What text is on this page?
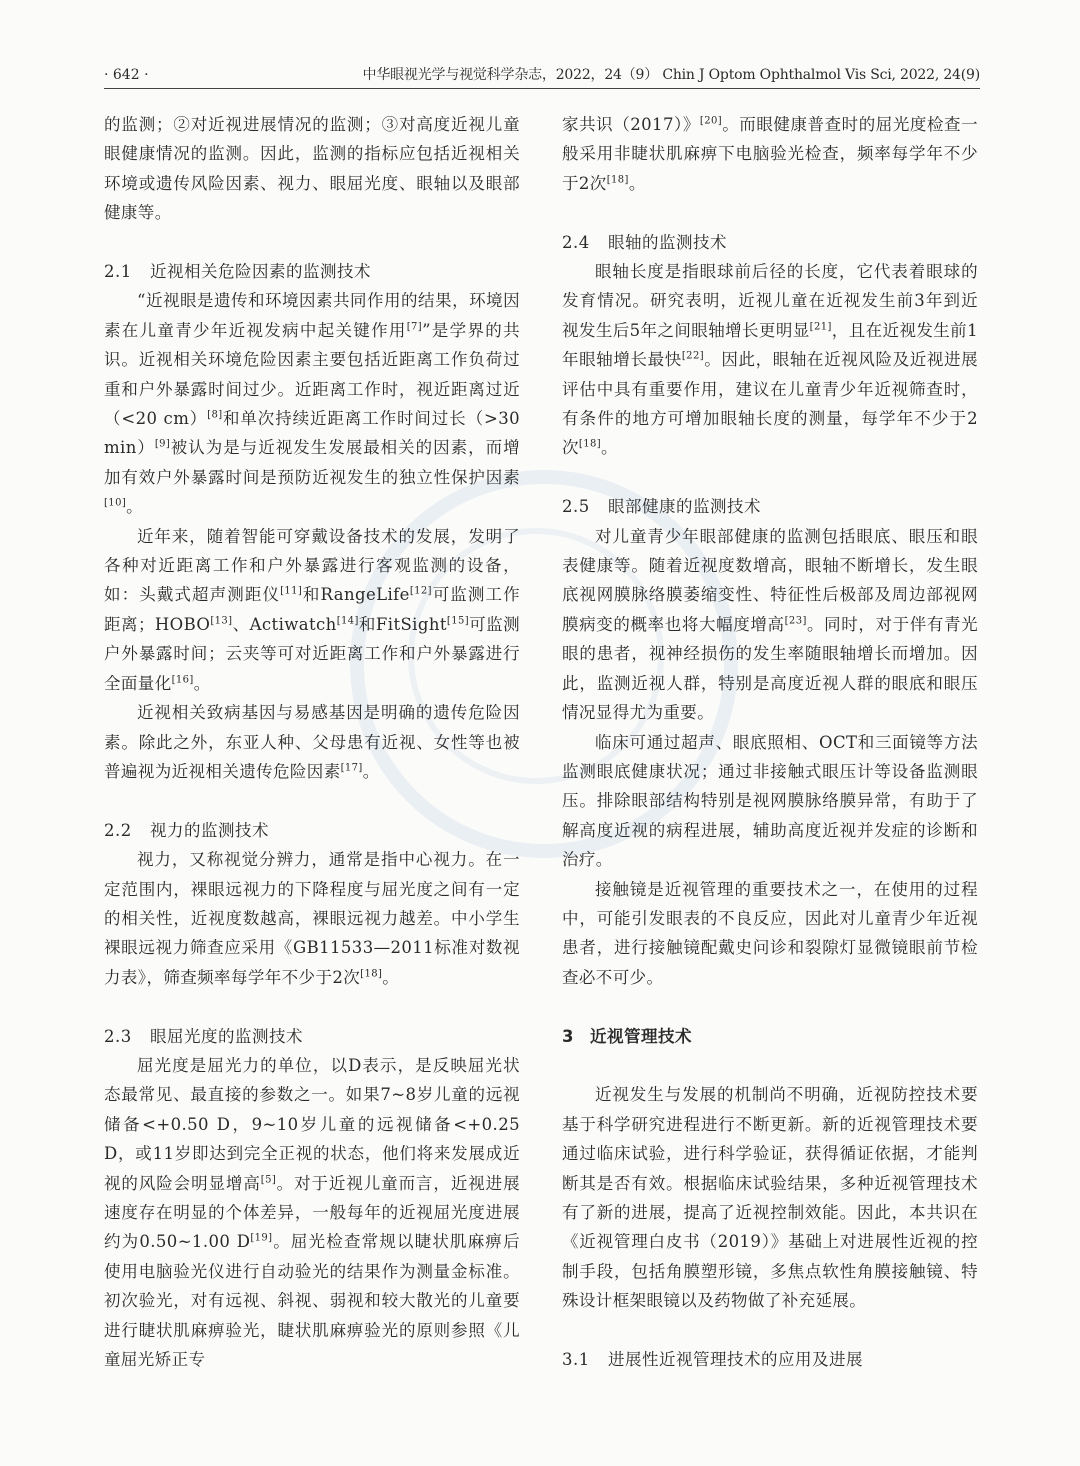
· 642 ·	中华眼视光学与视觉科学杂志，2022，24（9） Chin J Optom Ophthalmol Vis Sci, 2022, 24(9)

的监测；②对近视进展情况的监测；③对高度近视儿童眼健康情况的监测。因此，监测的指标应包括近视相关环境或遗传风险因素、视力、眼屈光度、眼轴以及眼部健康等。

2.1 近视相关危险因素的监测技术

“近视眼是遗传和环境因素共同作用的结果，环境因素在儿童青少年近视发病中起关键作用[7]”是学界的共识。近视相关环境危险因素主要包括近距离工作负荷过重和户外暴露时间过少。近距离工作时，视近距离过近（<20 cm）[8]和单次持续近距离工作时间过长（>30 min）[9]被认为是与近视发生发展最相关的因素，而增加有效户外暴露时间是预防近视发生的独立性保护因素[10]。

近年来，随着智能可穿戴设备技术的发展，发明了各种对近距离工作和户外暴露进行客观监测的设备，如：头戴式超声测距仪[11]和RangeLife[12]可监测工作距离；HOBO[13]、Actiwatch[14]和FitSight[15]可监测户外暴露时间；云夹等可对近距离工作和户外暴露进行全面量化[16]。

近视相关致病基因与易感基因是明确的遗传危险因素。除此之外，东亚人种、父母患有近视、女性等也被普遍视为近视相关遗传危险因素[17]。

2.2 视力的监测技术

视力，又称视觉分辨力，通常是指中心视力。在一定范围内，裸眼远视力的下降程度与屈光度之间有一定的相关性，近视度数越高，裸眼远视力越差。中小学生裸眼远视力筛查应采用《GB11533—2011标准对数视力表》，筛查频率每学年不少于2次[18]。

2.3 眼屈光度的监测技术

屈光度是屈光力的单位，以D表示，是反映屈光状态最常见、最直接的参数之一。如果7~8岁儿童的远视储备<+0.50 D，9~10岁儿童的远视储备<+0.25 D，或11岁即达到完全正视的状态，他们将来发展成近视的风险会明显增高[5]。对于近视儿童而言，近视进展速度存在明显的个体差异，一般每年的近视屈光度进展约为0.50~1.00 D[19]。屈光检查常规以睫状肌麻痹后使用电脑验光仪进行自动验光的结果作为测量金标准。初次验光，对有远视、斜视、弱视和较大散光的儿童要进行睫状肌麻痹验光，睫状肌麻痹验光的原则参照《儿童屈光矫正专

家共识（2017）》[20]。而眼健康普查时的屈光度检查一般采用非睫状肌麻痹下电脑验光检查，频率每学年不少于2次[18]。

2.4 眼轴的监测技术

眼轴长度是指眼球前后径的长度，它代表着眼球的发育情况。研究表明，近视儿童在近视发生前3年到近视发生后5年之间眼轴增长更明显[21]，且在近视发生前1年眼轴增长最快[22]。因此，眼轴在近视风险及近视进展评估中具有重要作用，建议在儿童青少年近视筛查时，有条件的地方可增加眼轴长度的测量，每学年不少于2次[18]。

2.5 眼部健康的监测技术

对儿童青少年眼部健康的监测包括眼底、眼压和眼表健康等。随着近视度数增高，眼轴不断增长，发生眼底视网膜脉络膜萎缩变性、特征性后极部及周边部视网膜病变的概率也将大幅度增高[23]。同时，对于伴有青光眼的患者，视神经损伤的发生率随眼轴增长而增加。因此，监测近视人群，特别是高度近视人群的眼底和眼压情况显得尤为重要。

临床可通过超声、眼底照相、OCT和三面镜等方法监测眼底健康状况；通过非接触式眼压计等设备监测眼压。排除眼部结构特别是视网膜脉络膜异常，有助于了解高度近视的病程进展，辅助高度近视并发症的诊断和治疗。

接触镜是近视管理的重要技术之一，在使用的过程中，可能引发眼表的不良反应，因此对儿童青少年近视患者，进行接触镜配戴史问诊和裂隙灯显微镜眼前节检查必不可少。

3 近视管理技术

近视发生与发展的机制尚不明确，近视防控技术要基于科学研究进程进行不断更新。新的近视管理技术要通过临床试验，进行科学验证，获得循证依据，才能判断其是否有效。根据临床试验结果，多种近视管理技术有了新的进展，提高了近视控制效能。因此，本共识在《近视管理白皮书（2019）》基础上对进展性近视的控制手段，包括角膜塑形镜，多焦点软性角膜接触镜、特殊设计框架眼镜以及药物做了补充延展。

3.1 进展性近视管理技术的应用及进展
